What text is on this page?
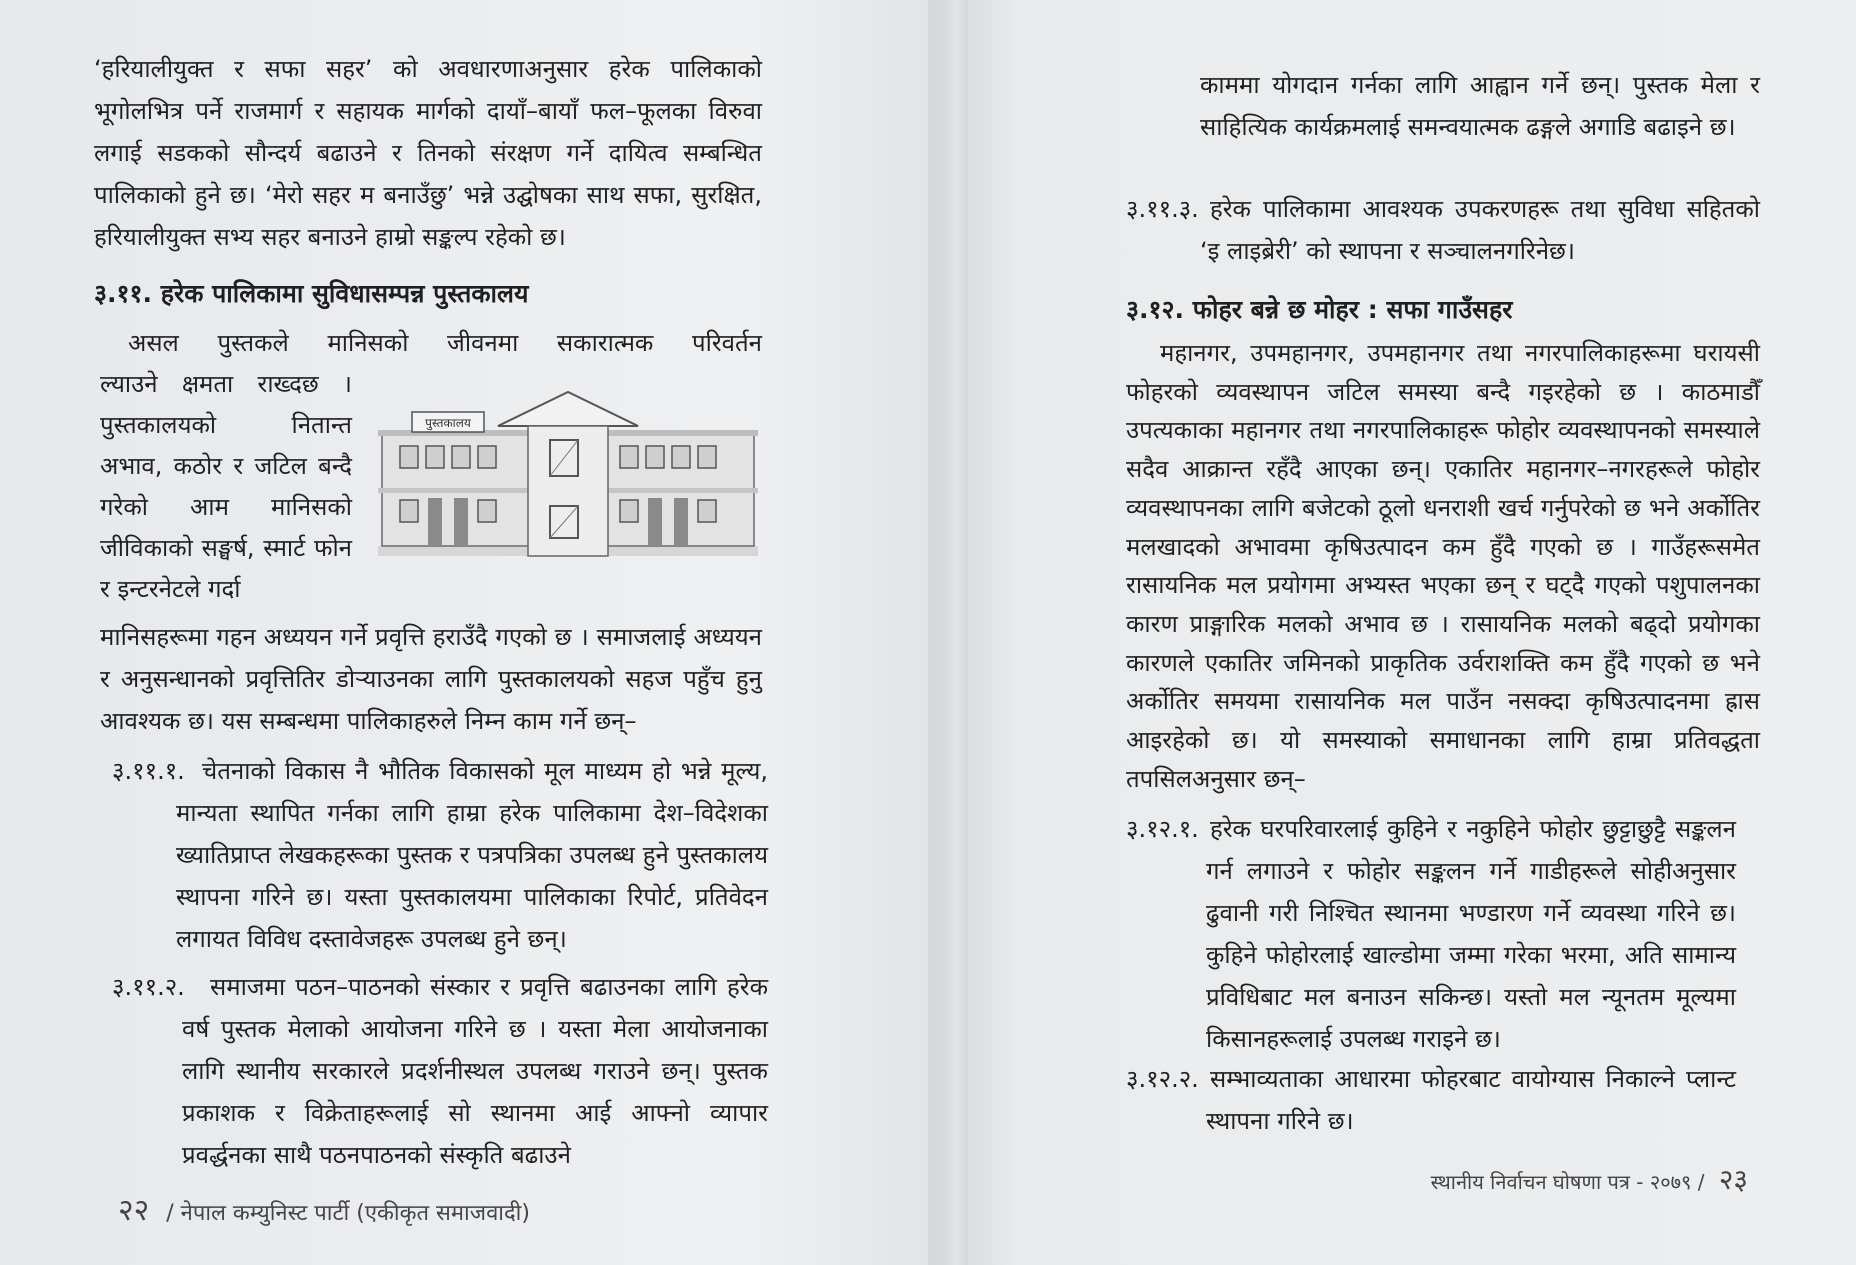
‘हरियालीयुक्त र सफा सहर’ को अवधारणाअनुसार हरेक पालिकाको भूगोलभित्र पर्ने राजमार्ग र सहायक मार्गको दायाँ–बायाँ फल–फूलका विरुवा लगाई सडकको सौन्दर्य बढाउने र तिनको संरक्षण गर्ने दायित्व सम्बन्धित पालिकाको हुने छ। ‘मेरो सहर म बनाउँछु’ भन्ने उद्घोषका साथ सफा, सुरक्षित, हरियालीयुक्त सभ्य सहर बनाउने हाम्रो सङ्कल्प रहेको छ।

३.११. हरेक पालिकामा सुविधासम्पन्न पुस्तकालय

असल पुस्तकले मानिसको जीवनमा सकारात्मक परिवर्तन

ल्याउने क्षमता राख्दछ । पुस्तकालयको नितान्त अभाव, कठोर र जटिल बन्दै गरेको आम मानिसको जीविकाको सङ्घर्ष, स्मार्ट फोन र इन्टरनेटले गर्दा

पुस्तकालय

मानिसहरूमा गहन अध्ययन गर्ने प्रवृत्ति हराउँदै गएको छ । समाजलाई अध्ययन र अनुसन्धानको प्रवृत्तितिर डोऱ्याउनका लागि पुस्तकालयको सहज पहुँच हुनु आवश्यक छ। यस सम्बन्धमा पालिकाहरुले निम्न काम गर्ने छन्–

३.११.१. चेतनाको विकास नै भौतिक विकासको मूल माध्यम हो भन्ने मूल्य, मान्यता स्थापित गर्नका लागि हाम्रा हरेक पालिकामा देश–विदेशका ख्यातिप्राप्त लेखकहरूका पुस्तक र पत्रपत्रिका उपलब्ध हुने पुस्तकालय स्थापना गरिने छ। यस्ता पुस्तकालयमा पालिकाका रिपोर्ट, प्रतिवेदन लगायत विविध दस्तावेजहरू उपलब्ध हुने छन्।
३.११.२.	समाजमा पठन–पाठनको संस्कार र प्रवृत्ति बढाउनका लागि हरेक वर्ष पुस्तक मेलाको आयोजना गरिने छ । यस्ता मेला आयोजनाका लागि स्थानीय सरकारले प्रदर्शनीस्थल उपलब्ध गराउने छन्। पुस्तक प्रकाशक र विक्रेताहरूलाई सो स्थानमा आई आफ्नो व्यापार प्रवर्द्धनका साथै पठनपाठनको संस्कृति बढाउने
२२ / नेपाल कम्युनिस्ट पार्टी (एकीकृत समाजवादी)

काममा योगदान गर्नका लागि आह्वान गर्ने छन्। पुस्तक मेला र साहित्यिक कार्यक्रमलाई समन्वयात्मक ढङ्गले अगाडि बढाइने छ।

३.११.३. हरेक पालिकामा आवश्यक उपकरणहरू तथा सुविधा सहितको ‘इ लाइब्रेरी’ को स्थापना र सञ्चालनगरिनेछ।
३.१२. फोहर बन्ने छ मोहर : सफा गाउँसहर

महानगर, उपमहानगर, उपमहानगर तथा नगरपालिकाहरूमा घरायसी फोहरको व्यवस्थापन जटिल समस्या बन्दै गइरहेको छ । काठमाडौँ उपत्यकाका महानगर तथा नगरपालिकाहरू फोहोर व्यवस्थापनको समस्याले सदैव आक्रान्त रहँदै आएका छन्। एकातिर महानगर–नगरहरूले फोहोर व्यवस्थापनका लागि बजेटको ठूलो धनराशी खर्च गर्नुपरेको छ भने अर्कोतिर मलखादको अभावमा कृषिउत्पादन कम हुँदै गएको छ । गाउँहरूसमेत रासायनिक मल प्रयोगमा अभ्यस्त भएका छन् र घट्दै गएको पशुपालनका कारण प्राङ्गारिक मलको अभाव छ । रासायनिक मलको बढ्दो प्रयोगका कारणले एकातिर जमिनको प्राकृतिक उर्वराशक्ति कम हुँदै गएको छ भने अर्कोतिर समयमा रासायनिक मल पाउँन नसक्दा कृषिउत्पादनमा ह्रास आइरहेको छ। यो समस्याको समाधानका लागि हाम्रा प्रतिवद्धता तपसिलअनुसार छन्–

३.१२.१. हरेक घरपरिवारलाई कुहिने र नकुहिने फोहोर छुट्टाछुट्टै सङ्कलन गर्न लगाउने र फोहोर सङ्कलन गर्ने गाडीहरूले सोहीअनुसार ढुवानी गरी निश्चित स्थानमा भण्डारण गर्ने व्यवस्था गरिने छ। कुहिने फोहोरलाई खाल्डोमा जम्मा गरेका भरमा, अति सामान्य प्रविधिबाट मल बनाउन सकिन्छ। यस्तो मल न्यूनतम मूल्यमा किसानहरूलाई उपलब्ध गराइने छ।
३.१२.२. सम्भाव्यताका आधारमा फोहरबाट वायोग्यास निकाल्ने प्लान्ट स्थापना गरिने छ।
स्थानीय निर्वाचन घोषणा पत्र - २०७९ / २३
